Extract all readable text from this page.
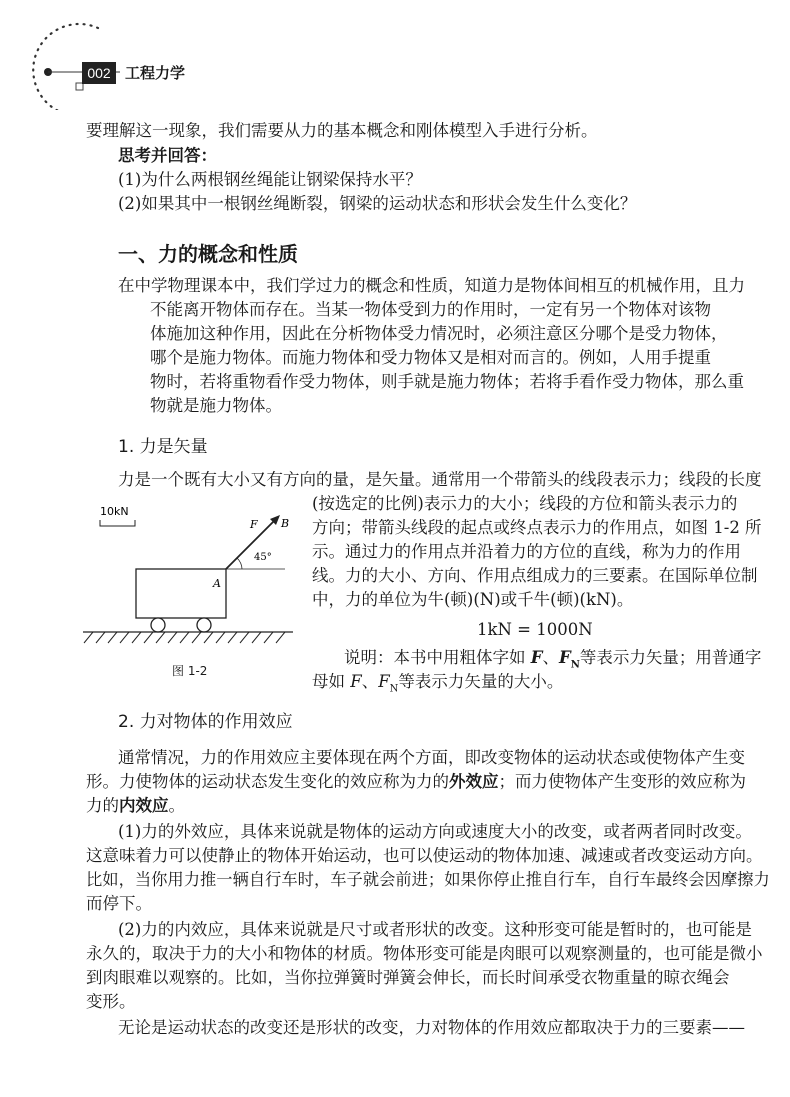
002 工程力学
要理解这一现象，我们需要从力的基本概念和刚体模型入手进行分析。
思考并回答：
(1)为什么两根钢丝绳能让钢梁保持水平？
(2)如果其中一根钢丝绳断裂，钢梁的运动状态和形状会发生什么变化？
一、力的概念和性质
在中学物理课本中，我们学过力的概念和性质，知道力是物体间相互的机械作用，且力
不能离开物体而存在。当某一物体受到力的作用时，一定有另一个物体对该物
体施加这种作用，因此在分析物体受力情况时，必须注意区分哪个是受力物体，
哪个是施力物体。而施力物体和受力物体又是相对而言的。例如，人用手提重
物时，若将重物看作受力物体，则手就是施力物体；若将手看作受力物体，那么重
物就是施力物体。
1. 力是矢量
力是一个既有大小又有方向的量，是矢量。通常用一个带箭头的线段表示力；线段的长度
(按选定的比例)表示力的大小；线段的方位和箭头表示力的
方向；带箭头线段的起点或终点表示力的作用点，如图 1-2 所
示。通过力的作用点并沿着力的方位的直线，称为力的作用
线。力的大小、方向、作用点组成力的三要素。在国际单位制
中，力的单位为牛(顿)(N)或千牛(顿)(kN)。
1kN = 1000N
说明：本书中用粗体字如 F、$F_N$等表示力矢量；用普通字
母如 F、$F_N$等表示力矢量的大小。
10kN
A
F B
45°
图 1-2
2. 力对物体的作用效应
通常情况，力的作用效应主要体现在两个方面，即改变物体的运动状态或使物体产生变
形。力使物体的运动状态发生变化的效应称为力的外效应；而力使物体产生变形的效应称为
力的内效应。
(1)力的外效应，具体来说就是物体的运动方向或速度大小的改变，或者两者同时改变。
这意味着力可以使静止的物体开始运动，也可以使运动的物体加速、减速或者改变运动方向。
比如，当你用力推一辆自行车时，车子就会前进；如果你停止推自行车，自行车最终会因摩擦力
而停下。
(2)力的内效应，具体来说就是尺寸或者形状的改变。这种形变可能是暂时的，也可能是
永久的，取决于力的大小和物体的材质。物体形变可能是肉眼可以观察测量的，也可能是微小
到肉眼难以观察的。比如，当你拉弹簧时弹簧会伸长，而长时间承受衣物重量的晾衣绳会
变形。
无论是运动状态的改变还是形状的改变，力对物体的作用效应都取决于力的三要素——
